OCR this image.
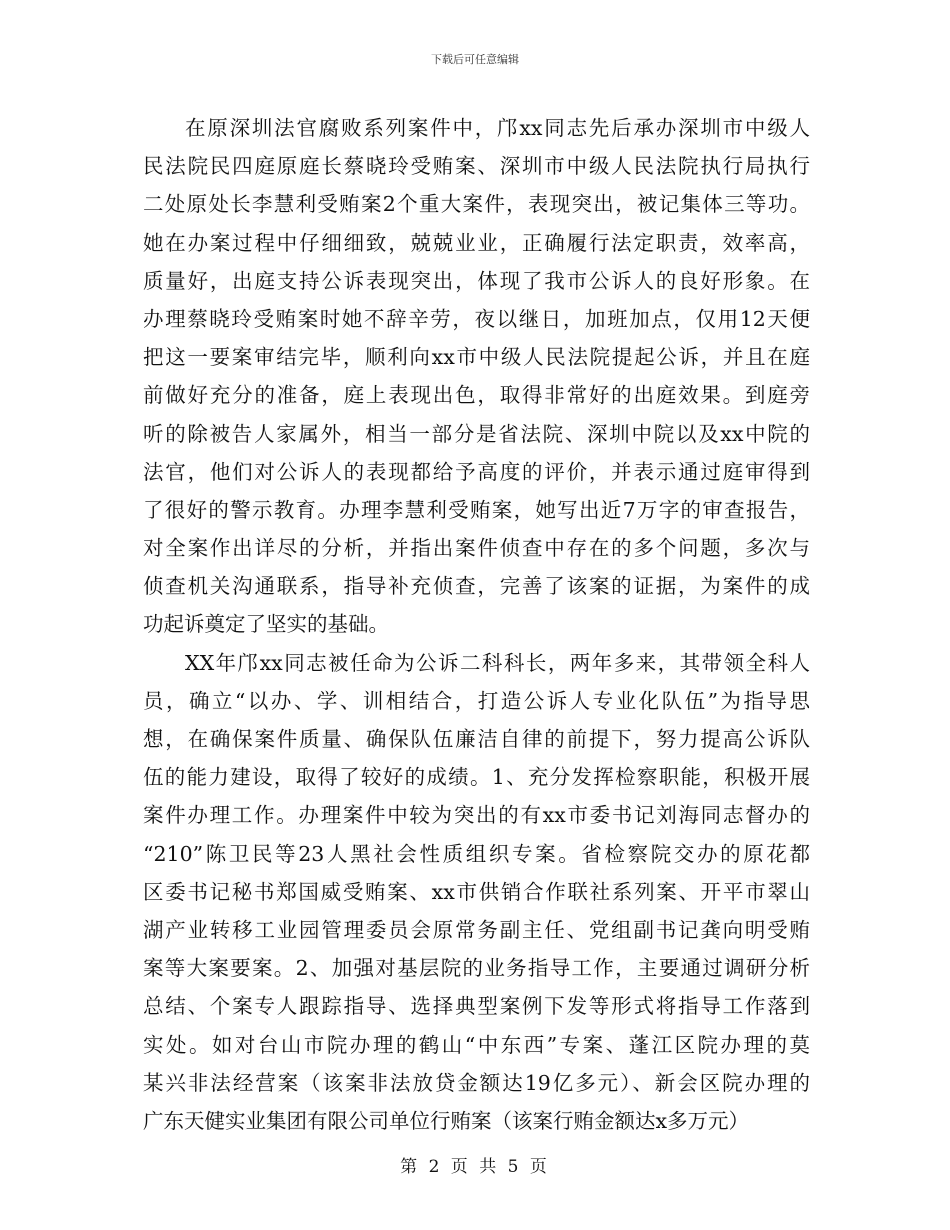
下载后可任意编辑
在原深圳法官腐败系列案件中，邝xx同志先后承办深圳市中级人
民法院民四庭原庭长蔡晓玲受贿案、深圳市中级人民法院执行局执行
二处原处长李慧利受贿案2个重大案件，表现突出，被记集体三等功。
她在办案过程中仔细细致，兢兢业业，正确履行法定职责，效率高，
质量好，出庭支持公诉表现突出，体现了我市公诉人的良好形象。在
办理蔡晓玲受贿案时她不辞辛劳，夜以继日，加班加点，仅用12天便
把这一要案审结完毕，顺利向xx市中级人民法院提起公诉，并且在庭
前做好充分的准备，庭上表现出色，取得非常好的出庭效果。到庭旁
听的除被告人家属外，相当一部分是省法院、深圳中院以及xx中院的
法官，他们对公诉人的表现都给予高度的评价，并表示通过庭审得到
了很好的警示教育。办理李慧利受贿案，她写出近7万字的审查报告，
对全案作出详尽的分析，并指出案件侦查中存在的多个问题，多次与
侦查机关沟通联系，指导补充侦查，完善了该案的证据，为案件的成
功起诉奠定了坚实的基础。
XX年邝xx同志被任命为公诉二科科长，两年多来，其带领全科人
员，确立“以办、学、训相结合，打造公诉人专业化队伍”为指导思
想，在确保案件质量、确保队伍廉洁自律的前提下，努力提高公诉队
伍的能力建设，取得了较好的成绩。1、充分发挥检察职能，积极开展
案件办理工作。办理案件中较为突出的有xx市委书记刘海同志督办的
“210”陈卫民等23人黑社会性质组织专案。省检察院交办的原花都
区委书记秘书郑国威受贿案、xx市供销合作联社系列案、开平市翠山
湖产业转移工业园管理委员会原常务副主任、党组副书记龚向明受贿
案等大案要案。2、加强对基层院的业务指导工作，主要通过调研分析
总结、个案专人跟踪指导、选择典型案例下发等形式将指导工作落到
实处。如对台山市院办理的鹤山“中东西”专案、蓬江区院办理的莫
某兴非法经营案（该案非法放贷金额达19亿多元）、新会区院办理的
广东天健实业集团有限公司单位行贿案（该案行贿金额达x多万元）
第 2 页 共 5 页
